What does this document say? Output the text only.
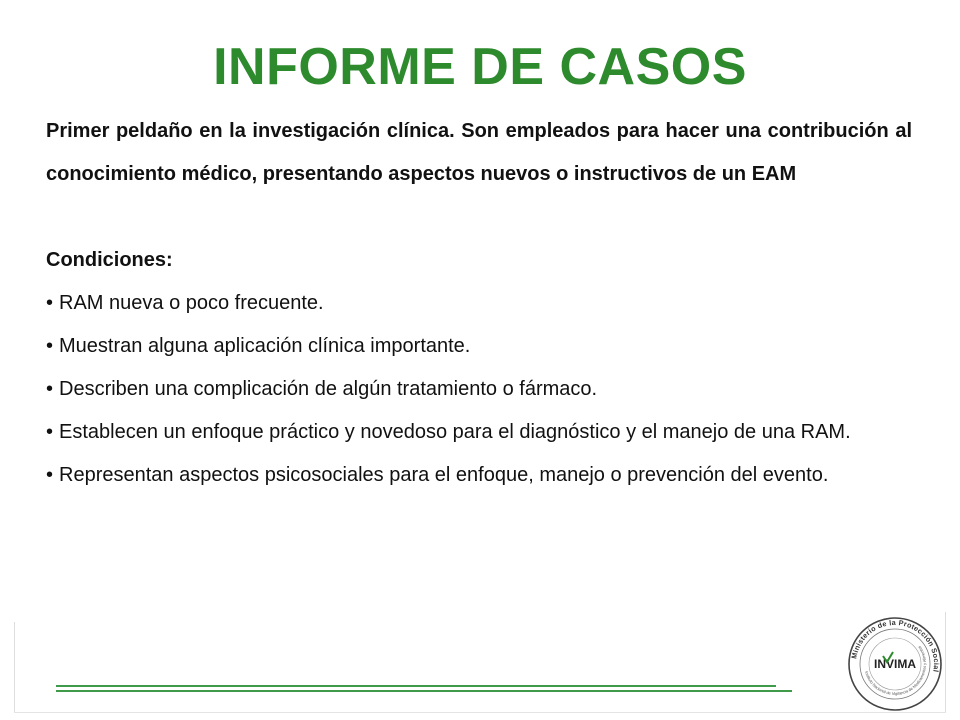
INFORME DE CASOS

Primer peldaño en la investigación clínica. Son empleados para hacer una contribución al conocimiento médico, presentando aspectos nuevos o instructivos de un EAM

Condiciones:

• RAM nueva o poco frecuente.

• Muestran alguna aplicación clínica importante.

• Describen una complicación de algún tratamiento o fármaco.

• Establecen un enfoque práctico y novedoso para el diagnóstico y el manejo de una RAM.

• Representan aspectos psicosociales para el enfoque, manejo o prevención del evento.

Ministerio de la Protección Social
Instituto Nacional de Vigilancia de Medicamentos y Alimentos
INVIMA
